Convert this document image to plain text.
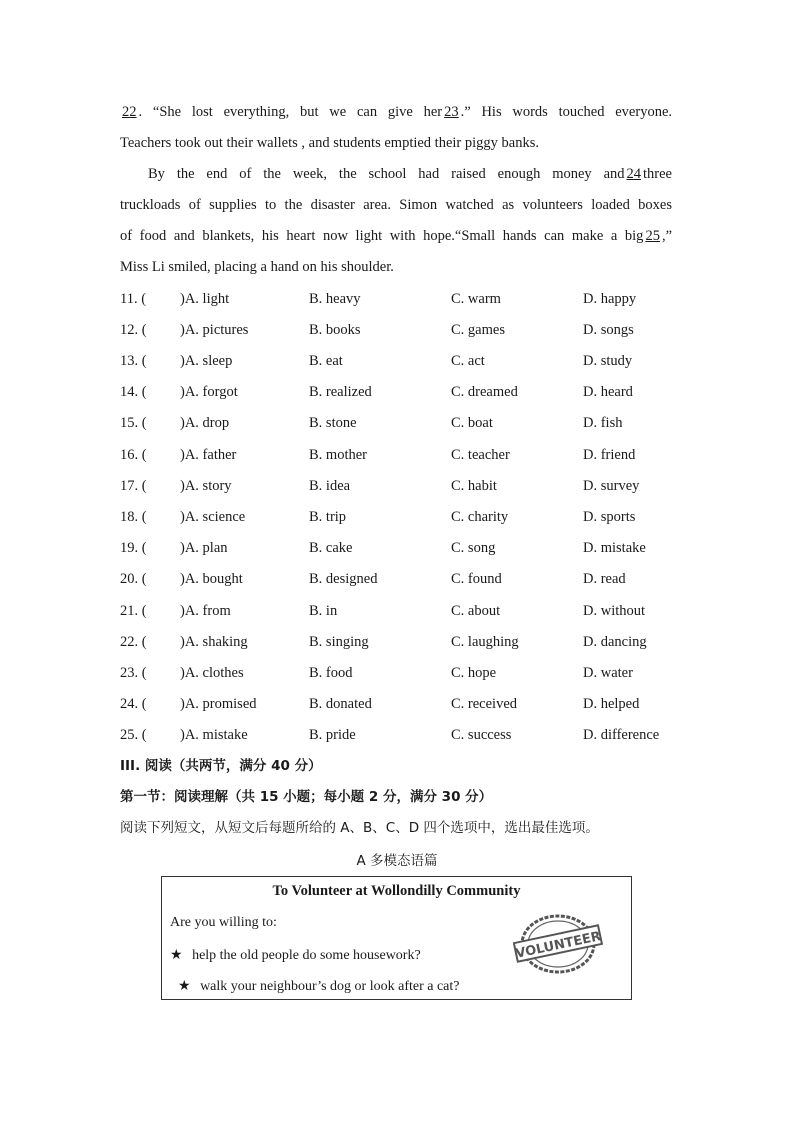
22 . “She lost everything, but we can give her 23 .” His words touched everyone.

Teachers took out their wallets , and students emptied their piggy banks.

By the end of the week, the school had raised enough money and 24 three

truckloads of supplies to the disaster area. Simon watched as volunteers loaded boxes

of food and blankets, his heart now light with hope.“Small hands can make a big 25 ,”

Miss Li smiled, placing a hand on his shoulder.

11. ( )A. light	B. heavy	C. warm	D. happy
12. ( )A. pictures	B. books	C. games	D. songs
13. ( )A. sleep	B. eat	C. act	D. study
14. ( )A. forgot	B. realized	C. dreamed	D. heard
15. ( )A. drop	B. stone	C. boat	D. fish
16. ( )A. father	B. mother	C. teacher	D. friend
17. ( )A. story	B. idea	C. habit	D. survey
18. ( )A. science	B. trip	C. charity	D. sports
19. ( )A. plan	B. cake	C. song	D. mistake
20. ( )A. bought	B. designed	C. found	D. read
21. ( )A. from	B. in	C. about	D. without
22. ( )A. shaking	B. singing	C. laughing	D. dancing
23. ( )A. clothes	B. food	C. hope	D. water
24. ( )A. promised	B. donated	C. received	D. helped
25. ( )A. mistake	B. pride	C. success	D. difference
III. 阅读（共两节，满分 40 分）
第一节：阅读理解（共 15 小题；每小题 2 分，满分 30 分）
阅读下列短文，从短文后每题所给的 A、B、C、D 四个选项中，选出最佳选项。
A 多模态语篇
To Volunteer at Wollondilly Community
Are you willing to:
★ help the old people do some housework?
★ walk your neighbour’s dog or look after a cat?
VOLUNTEER
